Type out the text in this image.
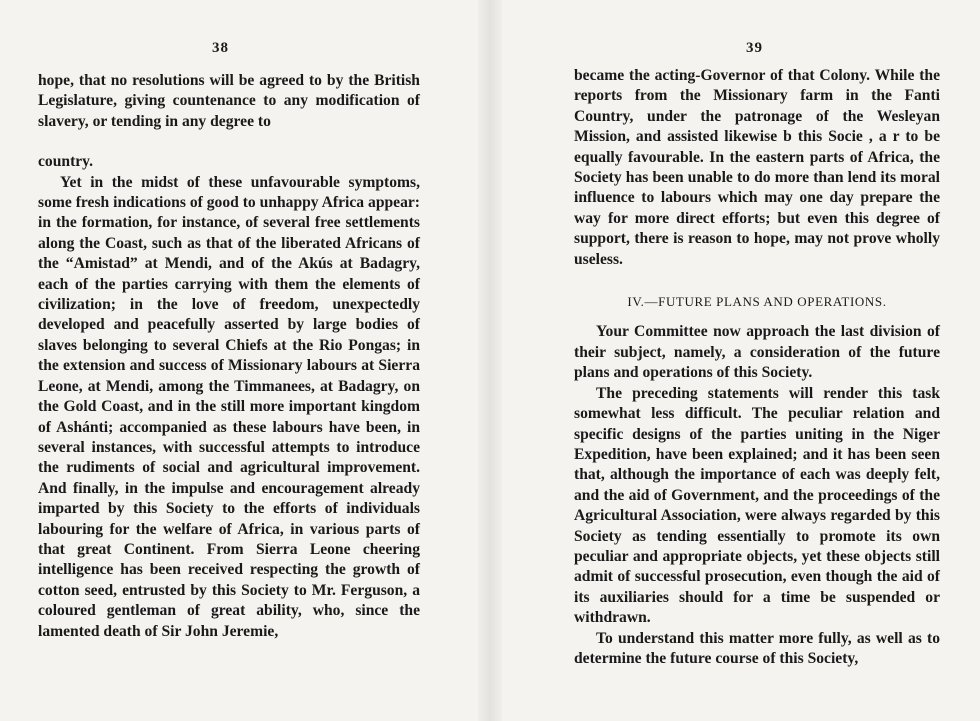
38

hope, that no resolutions will be agreed to by the British Legislature, giving countenance to any modification of slavery, or tending in any degree to

country.

Yet in the midst of these unfavourable symptoms, some fresh indications of good to unhappy Africa appear: in the formation, for instance, of several free settlements along the Coast, such as that of the liberated Africans of the “Amistad” at Mendi, and of the Akús at Badagry, each of the parties carrying with them the elements of civilization; in the love of freedom, unexpectedly developed and peacefully asserted by large bodies of slaves belonging to several Chiefs at the Rio Pongas; in the extension and success of Missionary labours at Sierra Leone, at Mendi, among the Timmanees, at Badagry, on the Gold Coast, and in the still more important kingdom of Ashánti; accompanied as these labours have been, in several instances, with successful attempts to introduce the rudiments of social and agricultural improvement. And finally, in the impulse and encouragement already imparted by this Society to the efforts of individuals labouring for the welfare of Africa, in various parts of that great Continent. From Sierra Leone cheering intelligence has been received respecting the growth of cotton seed, entrusted by this Society to Mr. Ferguson, a coloured gentleman of great ability, who, since the lamented death of Sir John Jeremie,

39

became the acting-Governor of that Colony. While the reports from the Missionary farm in the Fanti Country, under the patronage of the Wesleyan Mission, and assisted likewise b this Socie , a r to be equally favourable. In the eastern parts of Africa, the Society has been unable to do more than lend its moral influence to labours which may one day prepare the way for more direct efforts; but even this degree of support, there is reason to hope, may not prove wholly useless.

IV.—FUTURE PLANS AND OPERATIONS.

Your Committee now approach the last division of their subject, namely, a consideration of the future plans and operations of this Society.

The preceding statements will render this task somewhat less difficult. The peculiar relation and specific designs of the parties uniting in the Niger Expedition, have been explained; and it has been seen that, although the importance of each was deeply felt, and the aid of Government, and the proceedings of the Agricultural Association, were always regarded by this Society as tending essentially to promote its own peculiar and appropriate objects, yet these objects still admit of successful prosecution, even though the aid of its auxiliaries should for a time be suspended or withdrawn.

To understand this matter more fully, as well as to determine the future course of this Society,
